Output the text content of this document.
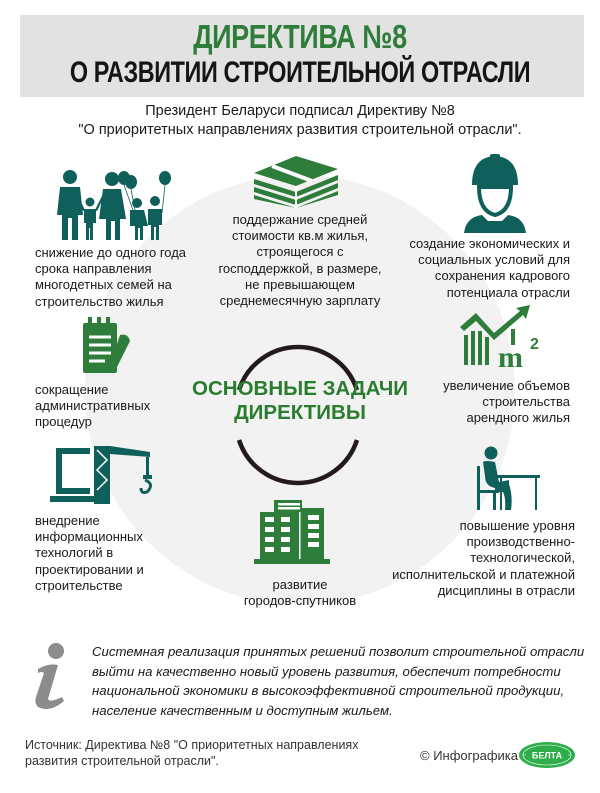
ДИРЕКТИВА №8
О РАЗВИТИИ СТРОИТЕЛЬНОЙ ОТРАСЛИ
Президент Беларуси подписал Директиву №8
"О приоритетных направлениях развития строительной отрасли".
ОСНОВНЫЕ ЗАДАЧИ
ДИРЕКТИВЫ
снижение до одного года
срока направления
многодетных семей на
строительство жилья
поддержание средней
стоимости кв.м жилья,
строящегося с
господдержкой, в размере,
не превышающем
среднемесячную зарплату
создание экономических и
социальных условий для
сохранения кадрового
потенциала отрасли
сокращение
административных
процедур
m 2
увеличение объемов
строительства
арендного жилья
внедрение
информационных
технологий в
проектировании и
строительстве	развитие
городов-спутников
повышение уровня
производственно-
технологической,
исполнительской и платежной
дисциплины в отрасли
Системная реализация принятых решений позволит строительной отрасли
выйти на качественно новый уровень развития, обеспечит потребности
национальной экономики в высокоэффективной строительной продукции,
население качественным и доступным жильем.
Источник: Директива №8 "О приоритетных направлениях
развития строительной отрасли".	© Инфографика БЕЛТА
